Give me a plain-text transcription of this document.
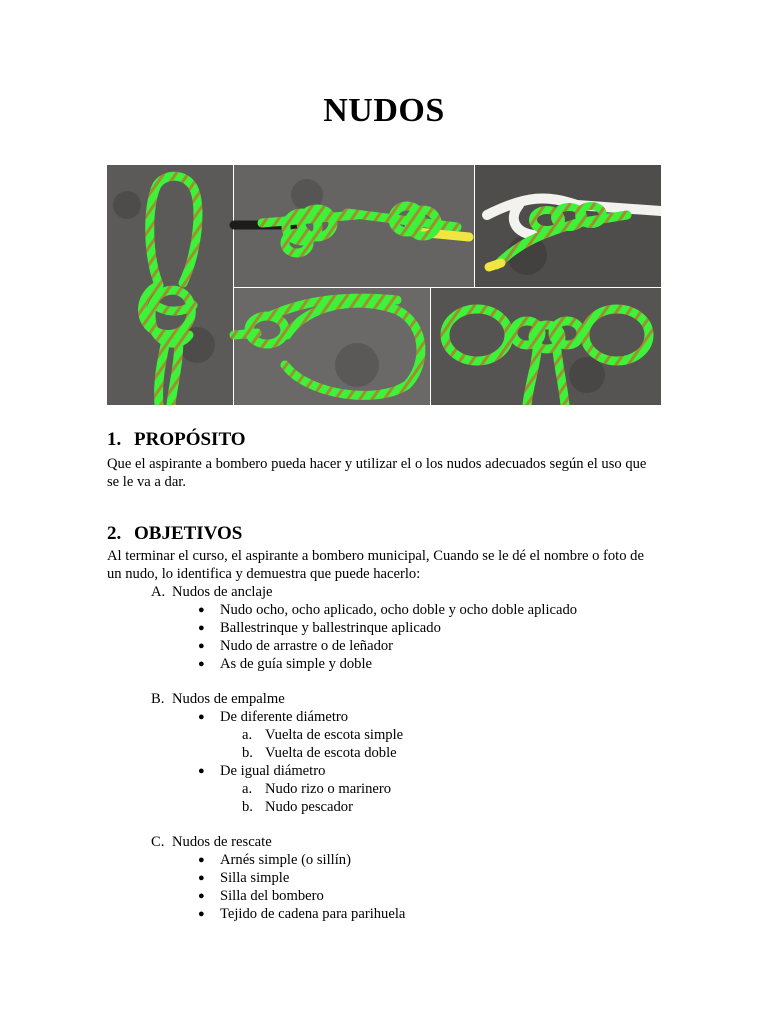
NUDOS
1. PROPÓSITO
Que el aspirante a bombero pueda hacer y utilizar el o los nudos adecuados según el uso que
se le va a dar.
2. OBJETIVOS
Al terminar el curso, el aspirante a bombero municipal, Cuando se le dé el nombre o foto de
un nudo, lo identifica y demuestra que puede hacerlo:
A. Nudos de anclaje
● Nudo ocho, ocho aplicado, ocho doble y ocho doble aplicado
● Ballestrinque y ballestrinque aplicado
● Nudo de arrastre o de leñador
● As de guía simple y doble
B. Nudos de empalme
● De diferente diámetro
a. Vuelta de escota simple
b. Vuelta de escota doble
● De igual diámetro
a. Nudo rizo o marinero
b. Nudo pescador
C. Nudos de rescate
● Arnés simple (o sillín)
● Silla simple
● Silla del bombero
● Tejido de cadena para parihuela
